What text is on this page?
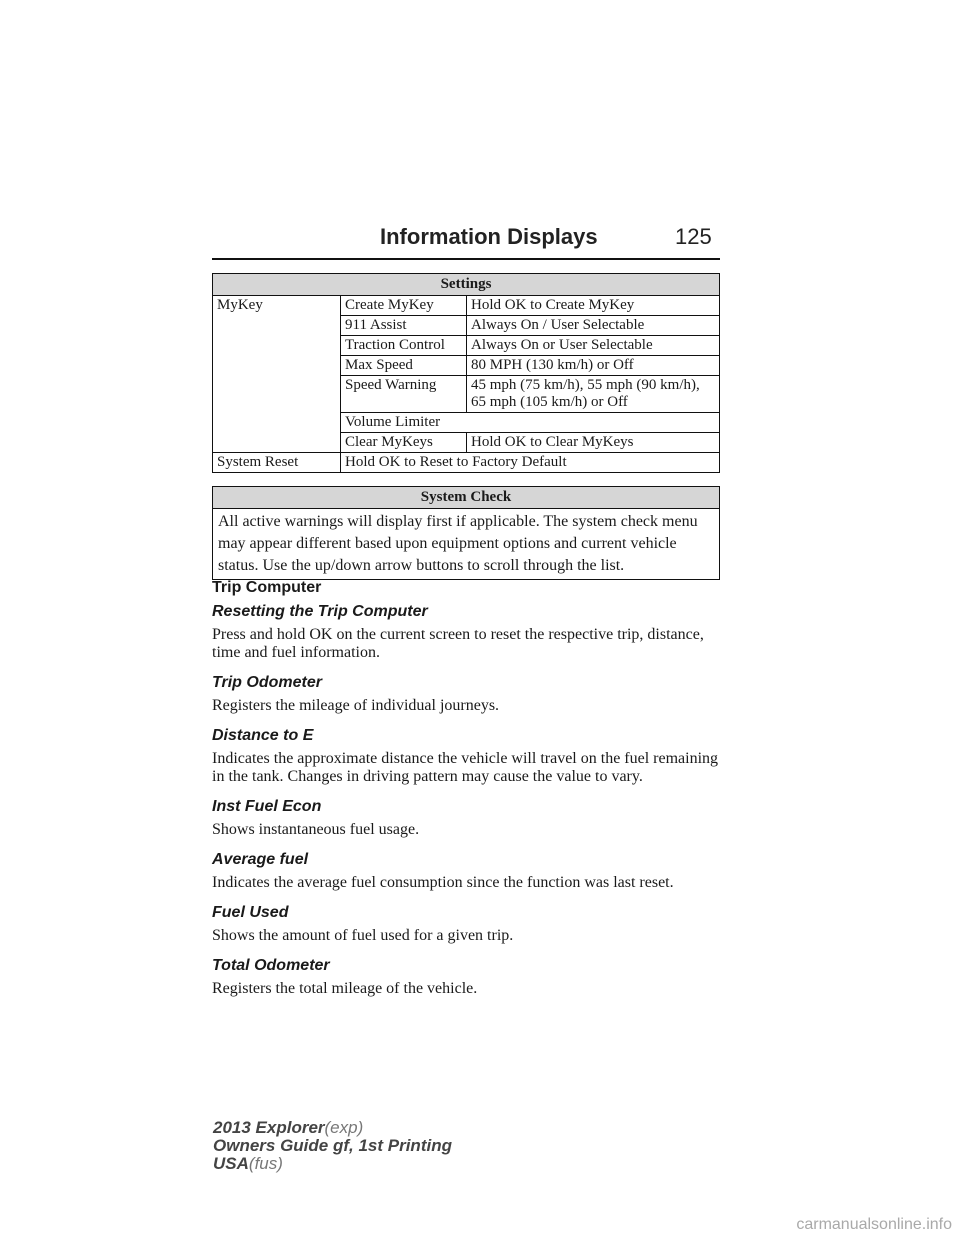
Information Displays	125
Settings		
MyKey	Create MyKey	Hold OK to Create MyKey
	911 Assist	Always On / User Selectable
	Traction Control	Always On or User Selectable
	Max Speed	80 MPH (130 km/h) or Off
	Speed Warning	45 mph (75 km/h), 55 mph (90 km/h), 65 mph (105 km/h) or Off
	Volume Limiter	
	Clear MyKeys	Hold OK to Clear MyKeys
System Reset	Hold OK to Reset to Factory Default	
System Check
All active warnings will display first if applicable. The system check menu may appear different based upon equipment options and current vehicle status. Use the up/down arrow buttons to scroll through the list.
Trip Computer
Resetting the Trip Computer
Press and hold OK on the current screen to reset the respective trip, distance, time and fuel information.
Trip Odometer
Registers the mileage of individual journeys.
Distance to E
Indicates the approximate distance the vehicle will travel on the fuel remaining in the tank. Changes in driving pattern may cause the value to vary.
Inst Fuel Econ
Shows instantaneous fuel usage.
Average fuel
Indicates the average fuel consumption since the function was last reset.
Fuel Used
Shows the amount of fuel used for a given trip.
Total Odometer
Registers the total mileage of the vehicle.
2013 Explorer(exp)
Owners Guide gf, 1st Printing
USA(fus)
carmanualsonline.info
